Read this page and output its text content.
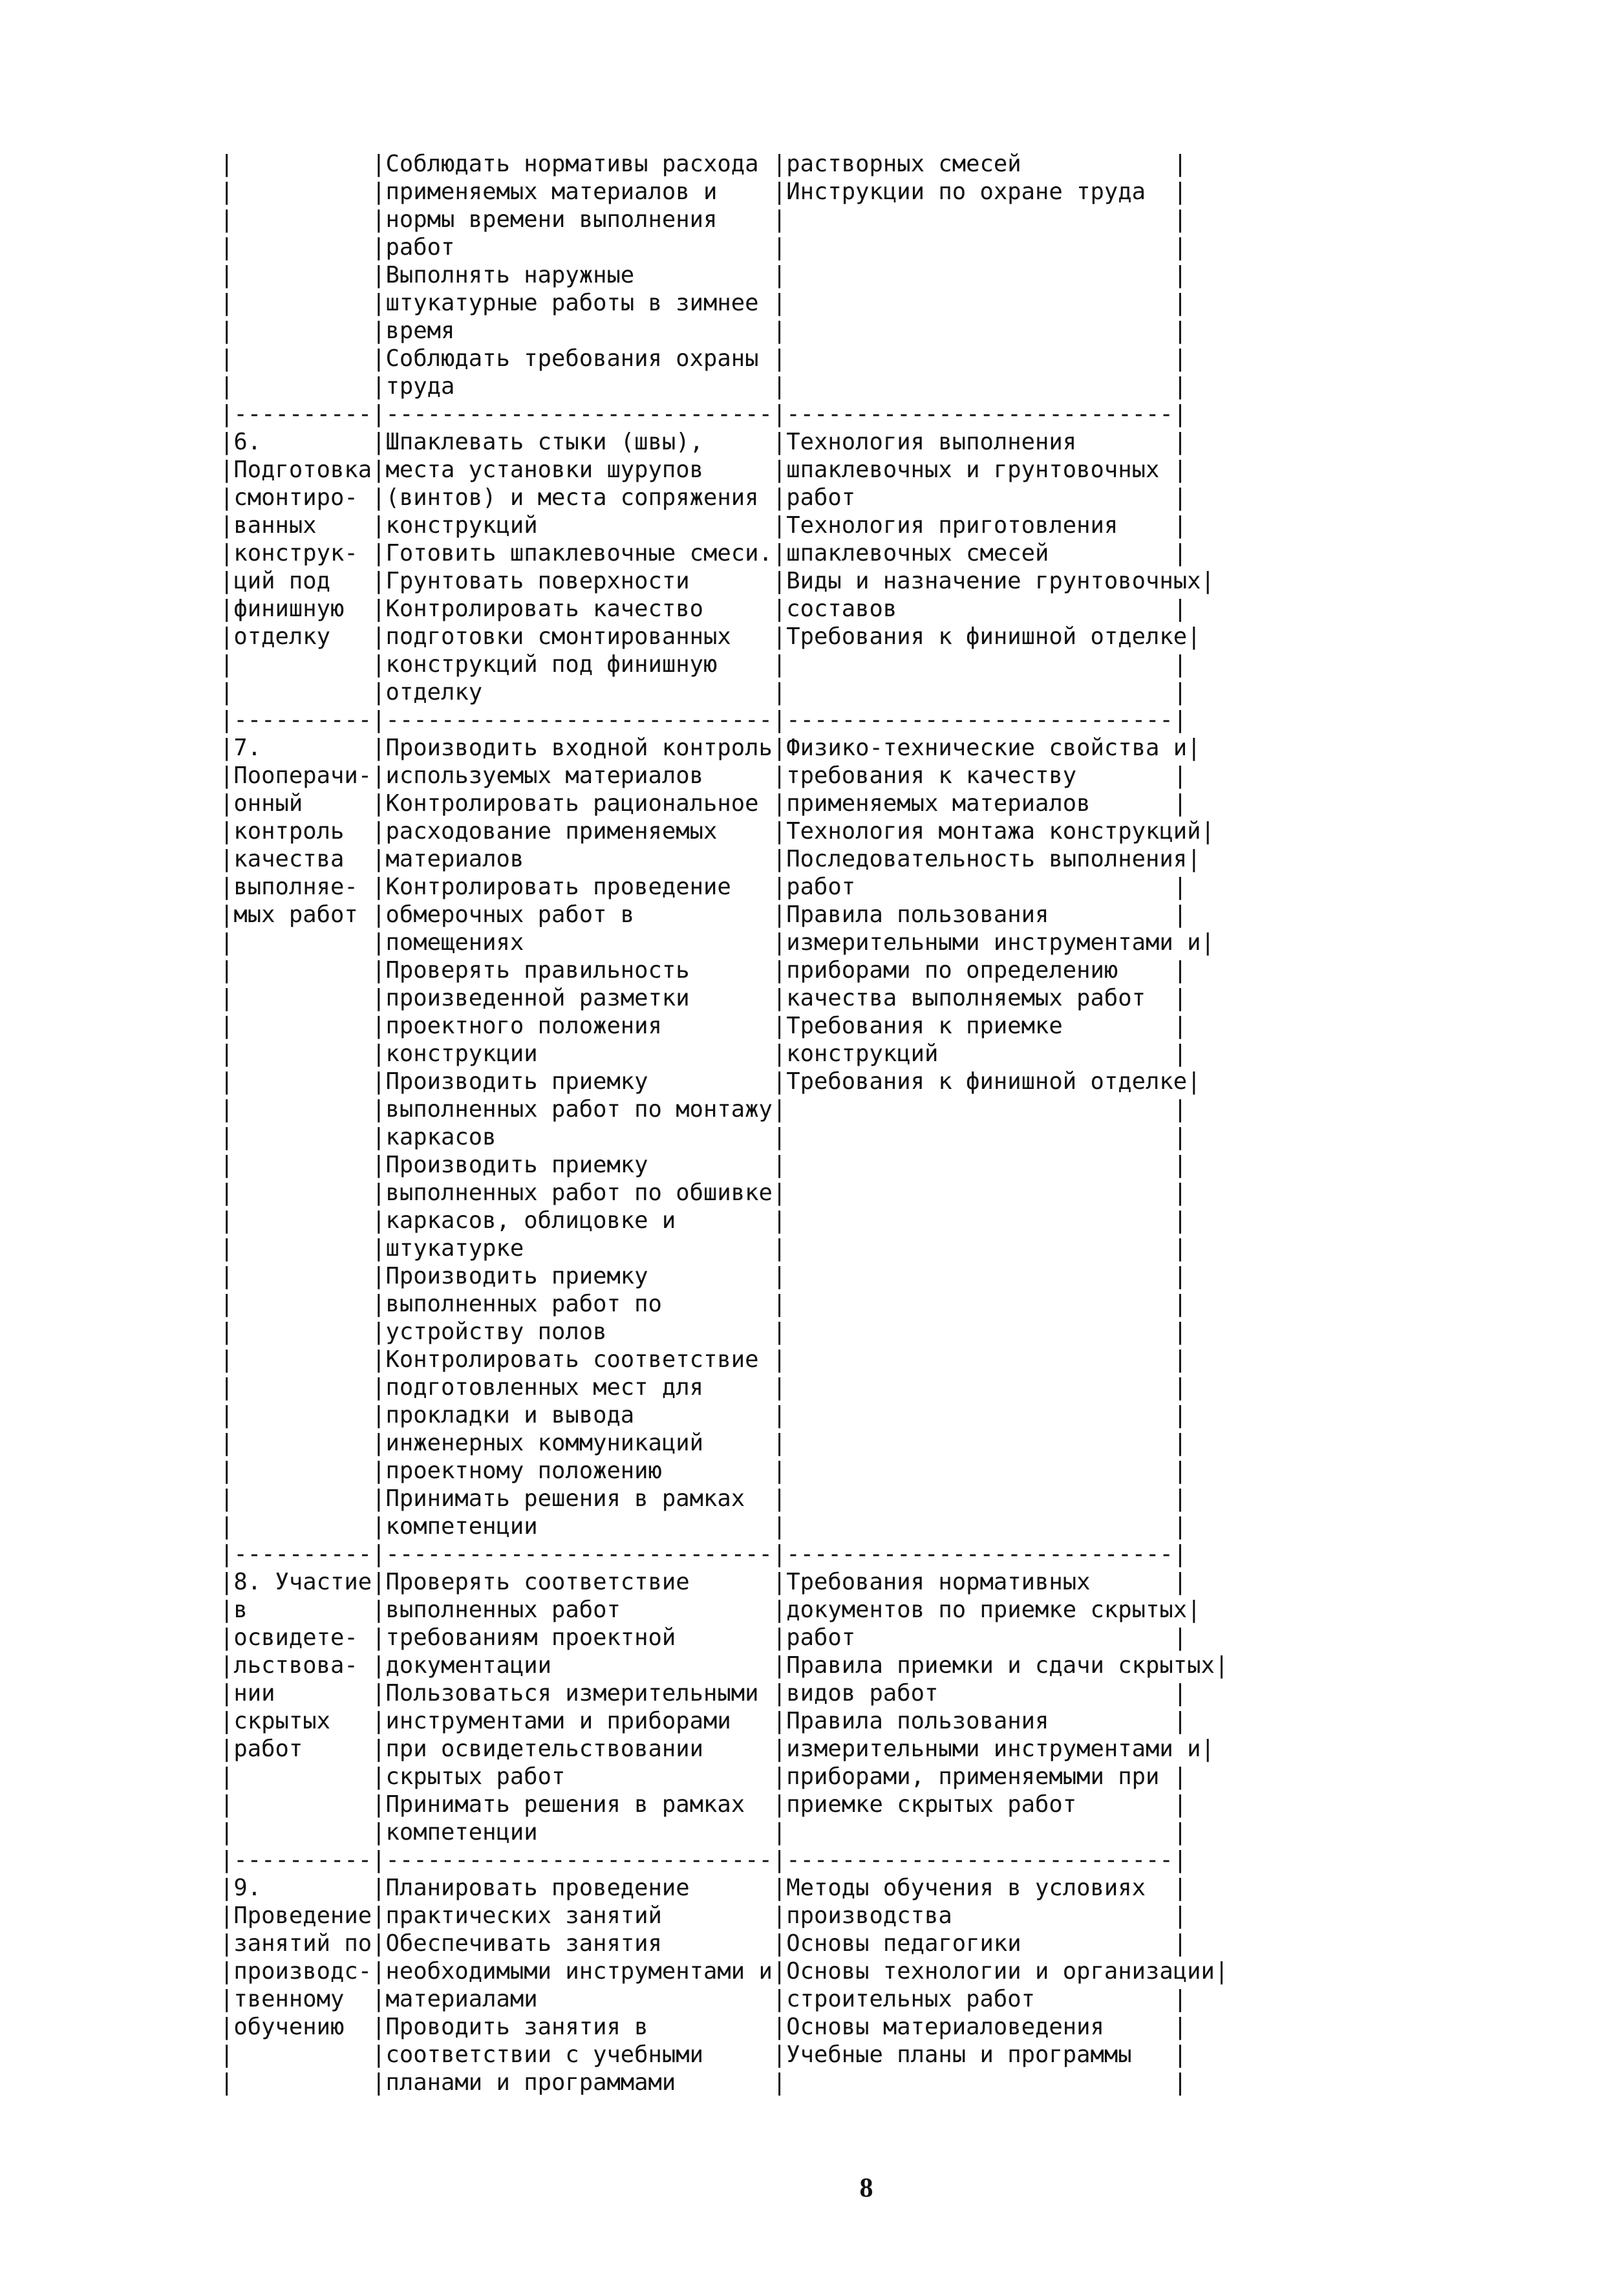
|          |Соблюдать нормативы расхода |растворных смесей           |
|          |применяемых материалов и    |Инструкции по охране труда  |
|          |нормы времени выполнения    |                            |
|          |работ                       |                            |
|          |Выполнять наружные          |                            |
|          |штукатурные работы в зимнее |                            |
|          |время                       |                            |
|          |Соблюдать требования охраны |                            |
|          |труда                       |                            |
|----------|----------------------------|----------------------------|
|6.        |Шпаклевать стыки (швы),     |Технология выполнения       |
|Подготовка|места установки шурупов     |шпаклевочных и грунтовочных |
|смонтиро- |(винтов) и места сопряжения |работ                       |
|ванных    |конструкций                 |Технология приготовления    |
|конструк- |Готовить шпаклевочные смеси.|шпаклевочных смесей         |
|ций под   |Грунтовать поверхности      |Виды и назначение грунтовочных|
|финишную  |Контролировать качество     |составов                    |
|отделку   |подготовки смонтированных   |Требования к финишной отделке|
|          |конструкций под финишную    |                            |
|          |отделку                     |                            |
|----------|----------------------------|----------------------------|
|7.        |Производить входной контроль|Физико-технические свойства и|
|Пооперачи-|используемых материалов     |требования к качеству       |
|онный     |Контролировать рациональное |применяемых материалов      |
|контроль  |расходование применяемых    |Технология монтажа конструкций|
|качества  |материалов                  |Последовательность выполнения|
|выполняе- |Контролировать проведение   |работ                       |
|мых работ |обмерочных работ в          |Правила пользования         |
|          |помещениях                  |измерительными инструментами и|
|          |Проверять правильность      |приборами по определению    |
|          |произведенной разметки      |качества выполняемых работ  |
|          |проектного положения        |Требования к приемке        |
|          |конструкции                 |конструкций                 |
|          |Производить приемку         |Требования к финишной отделке|
|          |выполненных работ по монтажу|                            |
|          |каркасов                    |                            |
|          |Производить приемку         |                            |
|          |выполненных работ по обшивке|                            |
|          |каркасов, облицовке и       |                            |
|          |штукатурке                  |                            |
|          |Производить приемку         |                            |
|          |выполненных работ по        |                            |
|          |устройству полов            |                            |
|          |Контролировать соответствие |                            |
|          |подготовленных мест для     |                            |
|          |прокладки и вывода          |                            |
|          |инженерных коммуникаций     |                            |
|          |проектному положению        |                            |
|          |Принимать решения в рамках  |                            |
|          |компетенции                 |                            |
|----------|----------------------------|----------------------------|
|8. Участие|Проверять соответствие      |Требования нормативных      |
|в         |выполненных работ           |документов по приемке скрытых|
|освидете- |требованиям проектной       |работ                       |
|льствова- |документации                |Правила приемки и сдачи скрытых|
|нии       |Пользоваться измерительными |видов работ                 |
|скрытых   |инструментами и приборами   |Правила пользования         |
|работ     |при освидетельствовании     |измерительными инструментами и|
|          |скрытых работ               |приборами, применяемыми при |
|          |Принимать решения в рамках  |приемке скрытых работ       |
|          |компетенции                 |                            |
|----------|----------------------------|----------------------------|
|9.        |Планировать проведение      |Методы обучения в условиях  |
|Проведение|практических занятий        |производства                |
|занятий по|Обеспечивать занятия        |Основы педагогики           |
|производс-|необходимыми инструментами и|Основы технологии и организации|
|твенному  |материалами                 |строительных работ          |
|обучению  |Проводить занятия в         |Основы материаловедения     |
|          |соответствии с учебными     |Учебные планы и программы   |
|          |планами и программами       |                            |
8
